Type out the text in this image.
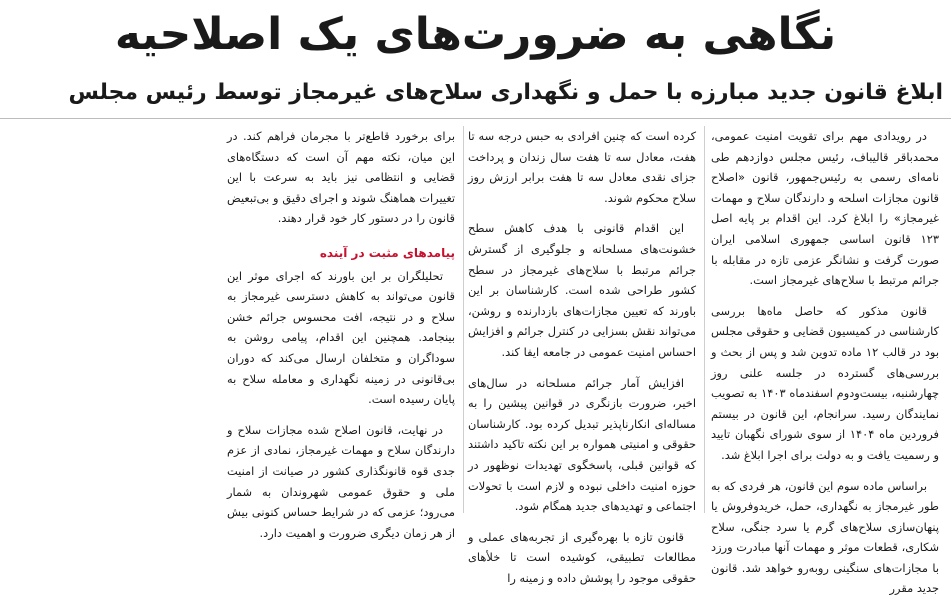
نگاهی به ضرورت‌های یک اصلاحیه
ابلاغ قانون جدید مبارزه با حمل و نگهداری سلاح‌های غیرمجاز توسط رئیس مجلس

در رویدادی مهم برای تقویت امنیت عمومی، محمدباقر قالیباف، رئیس مجلس دوازدهم طی نامه‌ای رسمی به رئیس‌جمهور، قانون «اصلاح قانون مجازات اسلحه و دارندگان سلاح و مهمات غیرمجاز» را ابلاغ کرد. این اقدام بر پایه اصل ۱۲۳ قانون اساسی جمهوری اسلامی ایران صورت گرفت و نشانگر عزمی تازه در مقابله با جرائم مرتبط با سلاح‌های غیرمجاز است.

قانون مذکور که حاصل ماه‌ها بررسی کارشناسی در کمیسیون قضایی و حقوقی مجلس بود در قالب ۱۲ ماده تدوین شد و پس از بحث و بررسی‌های گسترده در جلسه علنی روز چهارشنبه، بیست‌ودوم اسفندماه ۱۴۰۳ به تصویب نمایندگان رسید. سرانجام، این قانون در بیستم فروردین ماه ۱۴۰۴ از سوی شورای نگهبان تایید و رسمیت یافت و به دولت برای اجرا ابلاغ شد.

براساس ماده سوم این قانون، هر فردی که به طور غیرمجاز به نگهداری، حمل، خریدوفروش یا پنهان‌سازی سلاح‌های گرم یا سرد جنگی، سلاح شکاری، قطعات موثر و مهمات آنها مبادرت ورزد با مجازات‌های سنگینی روبه‌رو خواهد شد. قانون جدید مقرر

کرده است که چنین افرادی به حبس درجه سه تا هفت، معادل سه تا هفت سال زندان و پرداخت جزای نقدی معادل سه تا هفت برابر ارزش روز سلاح محکوم شوند.

این اقدام قانونی با هدف کاهش سطح خشونت‌های مسلحانه و جلوگیری از گسترش جرائم مرتبط با سلاح‌های غیرمجاز در سطح کشور طراحی شده است. کارشناسان بر این باورند که تعیین مجازات‌های بازدارنده و روشن، می‌تواند نقش بسزایی در کنترل جرائم و افزایش احساس امنیت عمومی در جامعه ایفا کند.

افزایش آمار جرائم مسلحانه در سال‌های اخیر، ضرورت بازنگری در قوانین پیشین را به مساله‌ای انکارناپذیر تبدیل کرده بود. کارشناسان حقوقی و امنیتی همواره بر این نکته تاکید داشتند که قوانین قبلی، پاسخگوی تهدیدات نوظهور در حوزه امنیت داخلی نبوده و لازم است با تحولات اجتماعی و تهدیدهای جدید همگام شود.

قانون تازه با بهره‌گیری از تجربه‌های عملی و مطالعات تطبیقی، کوشیده است تا خلأهای حقوقی موجود را پوشش داده و زمینه را

برای برخورد قاطع‌تر با مجرمان فراهم کند. در این میان، نکته مهم آن است که دستگاه‌های قضایی و انتظامی نیز باید به سرعت با این تغییرات هماهنگ شوند و اجرای دقیق و بی‌تبعیض قانون را در دستور کار خود قرار دهند.

پیامدهای مثبت در آینده

تحلیلگران بر این باورند که اجرای موثر این قانون می‌تواند به کاهش دسترسی غیرمجاز به سلاح و در نتیجه، افت محسوس جرائم خشن بینجامد. همچنین این اقدام، پیامی روشن به سوداگران و متخلفان ارسال می‌کند که دوران بی‌قانونی در زمینه نگهداری و معامله سلاح به پایان رسیده است.

در نهایت، قانون اصلاح شده مجازات سلاح و دارندگان سلاح و مهمات غیرمجاز، نمادی از عزم جدی قوه قانونگذاری کشور در صیانت از امنیت ملی و حقوق عمومی شهروندان به شمار می‌رود؛ عزمی که در شرایط حساس کنونی بیش از هر زمان دیگری ضرورت و اهمیت دارد.
